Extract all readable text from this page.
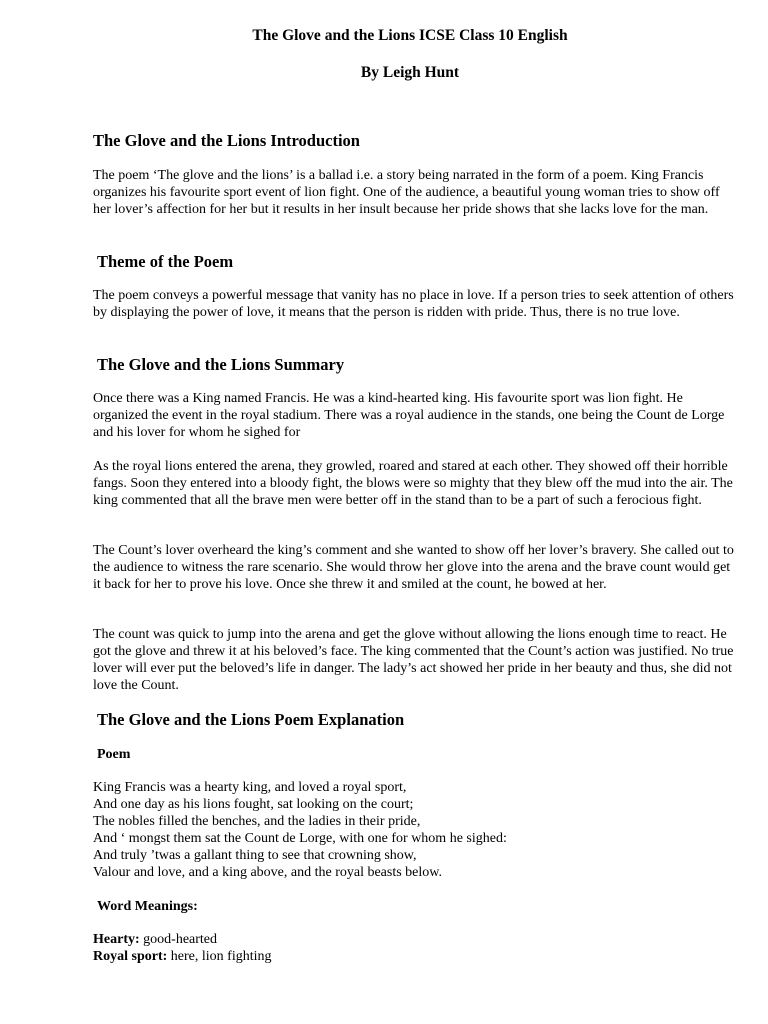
The Glove and the Lions ICSE Class 10 English
By Leigh Hunt
The Glove and the Lions Introduction

The poem ‘The glove and the lions’ is a ballad i.e. a story being narrated in the form of a poem. King Francis organizes his favourite sport event of lion fight. One of the audience, a beautiful young woman tries to show off her lover’s affection for her but it results in her insult because her pride shows that she lacks love for the man.

Theme of the Poem

The poem conveys a powerful message that vanity has no place in love. If a person tries to seek attention of others by displaying the power of love, it means that the person is ridden with pride. Thus, there is no true love.

The Glove and the Lions Summary

Once there was a King named Francis. He was a kind-hearted king. His favourite sport was lion fight. He organized the event in the royal stadium. There was a royal audience in the stands, one being the Count de Lorge and his lover for whom he sighed for

As the royal lions entered the arena, they growled, roared and stared at each other. They showed off their horrible fangs. Soon they entered into a bloody fight, the blows were so mighty that they blew off the mud into the air. The king commented that all the brave men were better off in the stand than to be a part of such a ferocious fight.

The Count’s lover overheard the king’s comment and she wanted to show off her lover’s bravery. She called out to the audience to witness the rare scenario. She would throw her glove into the arena and the brave count would get it back for her to prove his love. Once she threw it and smiled at the count, he bowed at her.

The count was quick to jump into the arena and get the glove without allowing the lions enough time to react. He got the glove and threw it at his beloved’s face. The king commented that the Count’s action was justified. No true lover will ever put the beloved’s life in danger. The lady’s act showed her pride in her beauty and thus, she did not love the Count.

The Glove and the Lions Poem Explanation
Poem
King Francis was a hearty king, and loved a royal sport,
And one day as his lions fought, sat looking on the court;
The nobles filled the benches, and the ladies in their pride,
And ‘ mongst them sat the Count de Lorge, with one for whom he sighed:
And truly ’twas a gallant thing to see that crowning show,
Valour and love, and a king above, and the royal beasts below.
Word Meanings:
Hearty: good-hearted
Royal sport: here, lion fighting
